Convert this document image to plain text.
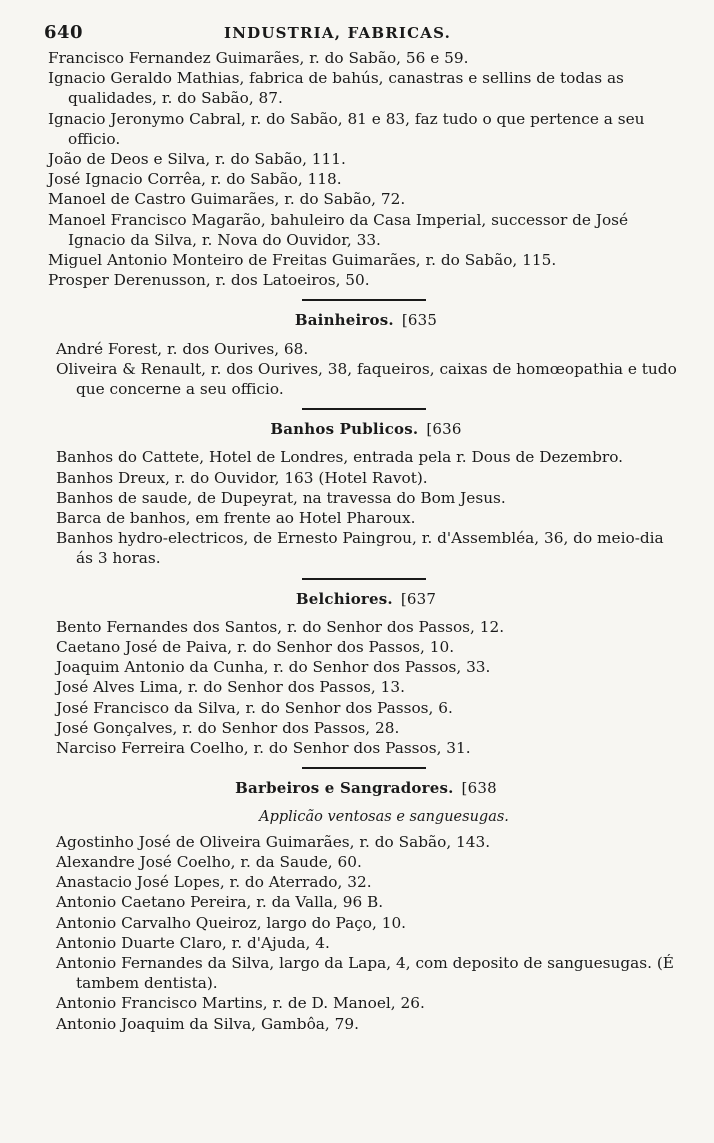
640	INDUSTRIA, FABRICAS.

Francisco Fernandez Guimarães, r. do Sabão, 56 e 59.

Ignacio Geraldo Mathias, fabrica de bahús, canastras e sellins de todas as qualidades, r. do Sabão, 87.

Ignacio Jeronymo Cabral, r. do Sabão, 81 e 83, faz tudo o que pertence a seu officio.

João de Deos e Silva, r. do Sabão, 111.

José Ignacio Corrêa, r. do Sabão, 118.

Manoel de Castro Guimarães, r. do Sabão, 72.

Manoel Francisco Magarão, bahuleiro da Casa Imperial, successor de José Ignacio da Silva, r. Nova do Ouvidor, 33.

Miguel Antonio Monteiro de Freitas Guimarães, r. do Sabão, 115.

Prosper Derenusson, r. dos Latoeiros, 50.

Bainheiros. [635

André Forest, r. dos Ourives, 68.

Oliveira & Renault, r. dos Ourives, 38, faqueiros, caixas de homœopathia e tudo que concerne a seu officio.

Banhos Publicos. [636

Banhos do Cattete, Hotel de Londres, entrada pela r. Dous de Dezembro.

Banhos Dreux, r. do Ouvidor, 163 (Hotel Ravot).

Banhos de saude, de Dupeyrat, na travessa do Bom Jesus.

Barca de banhos, em frente ao Hotel Pharoux.

Banhos hydro-electricos, de Ernesto Paingrou, r. d'Assembléa, 36, do meio-dia ás 3 horas.

Belchiores. [637

Bento Fernandes dos Santos, r. do Senhor dos Passos, 12.

Caetano José de Paiva, r. do Senhor dos Passos, 10.

Joaquim Antonio da Cunha, r. do Senhor dos Passos, 33.

José Alves Lima, r. do Senhor dos Passos, 13.

José Francisco da Silva, r. do Senhor dos Passos, 6.

José Gonçalves, r. do Senhor dos Passos, 28.

Narciso Ferreira Coelho, r. do Senhor dos Passos, 31.

Barbeiros e Sangradores. [638
Applicão ventosas e sanguesugas.

Agostinho José de Oliveira Guimarães, r. do Sabão, 143.

Alexandre José Coelho, r. da Saude, 60.

Anastacio José Lopes, r. do Aterrado, 32.

Antonio Caetano Pereira, r. da Valla, 96 B.

Antonio Carvalho Queiroz, largo do Paço, 10.

Antonio Duarte Claro, r. d'Ajuda, 4.

Antonio Fernandes da Silva, largo da Lapa, 4, com deposito de sanguesugas. (É tambem dentista).

Antonio Francisco Martins, r. de D. Manoel, 26.

Antonio Joaquim da Silva, Gambôa, 79.
